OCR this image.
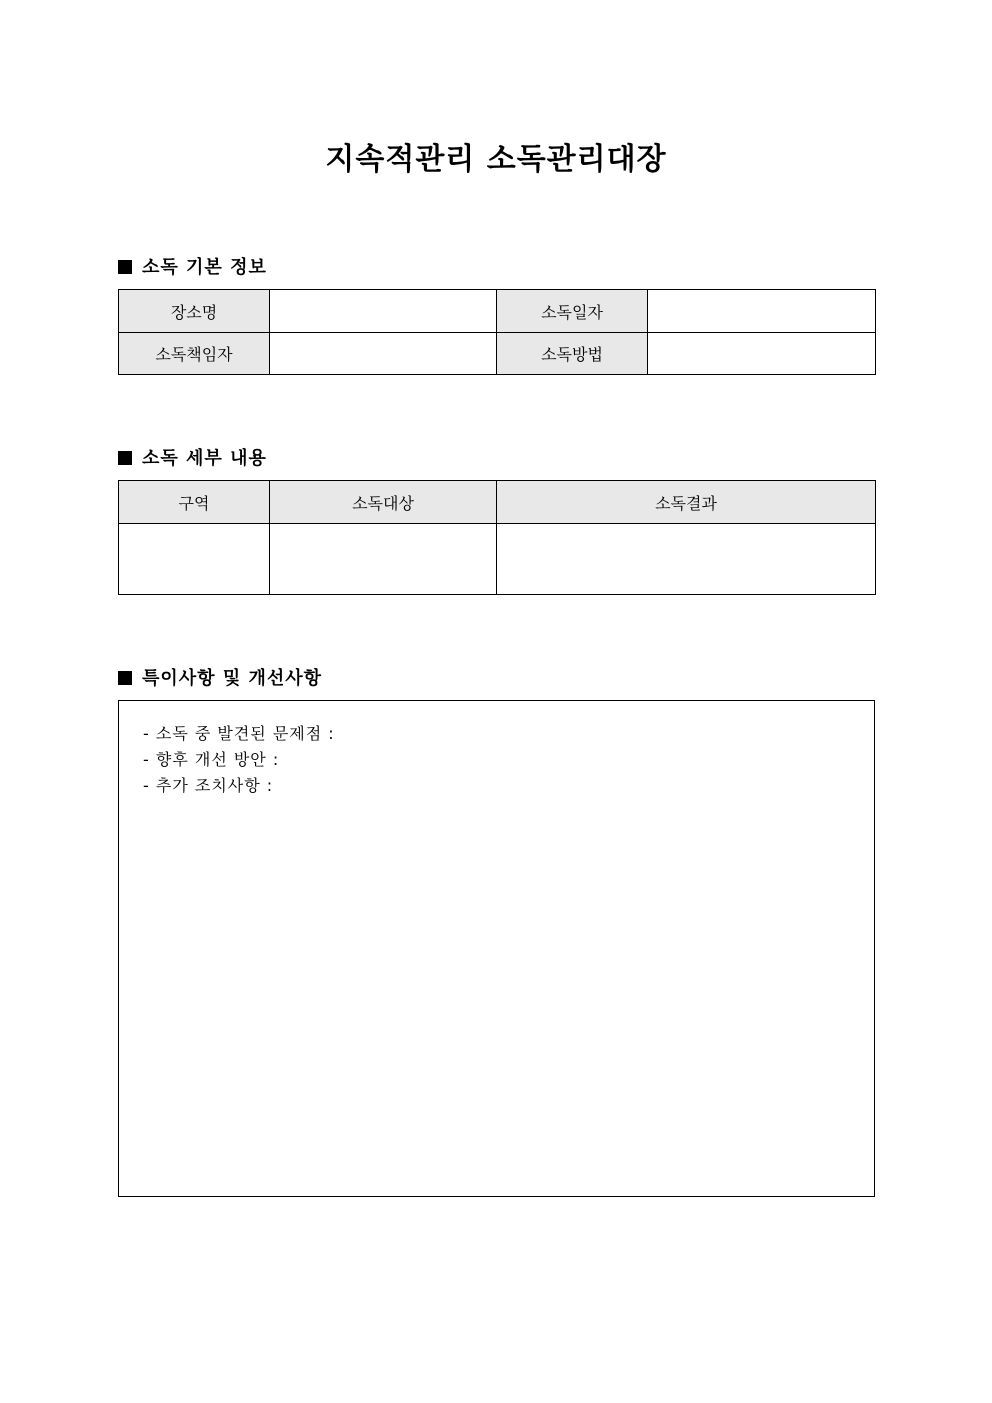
지속적관리 소독관리대장
소독 기본 정보
장소명		소독일자	
소독책임자		소독방법	
소독 세부 내용
구역	소독대상	소독결과

특이사항 및 개선사항
- 소독 중 발견된 문제점 :
- 향후 개선 방안 :
- 추가 조치사항 :
